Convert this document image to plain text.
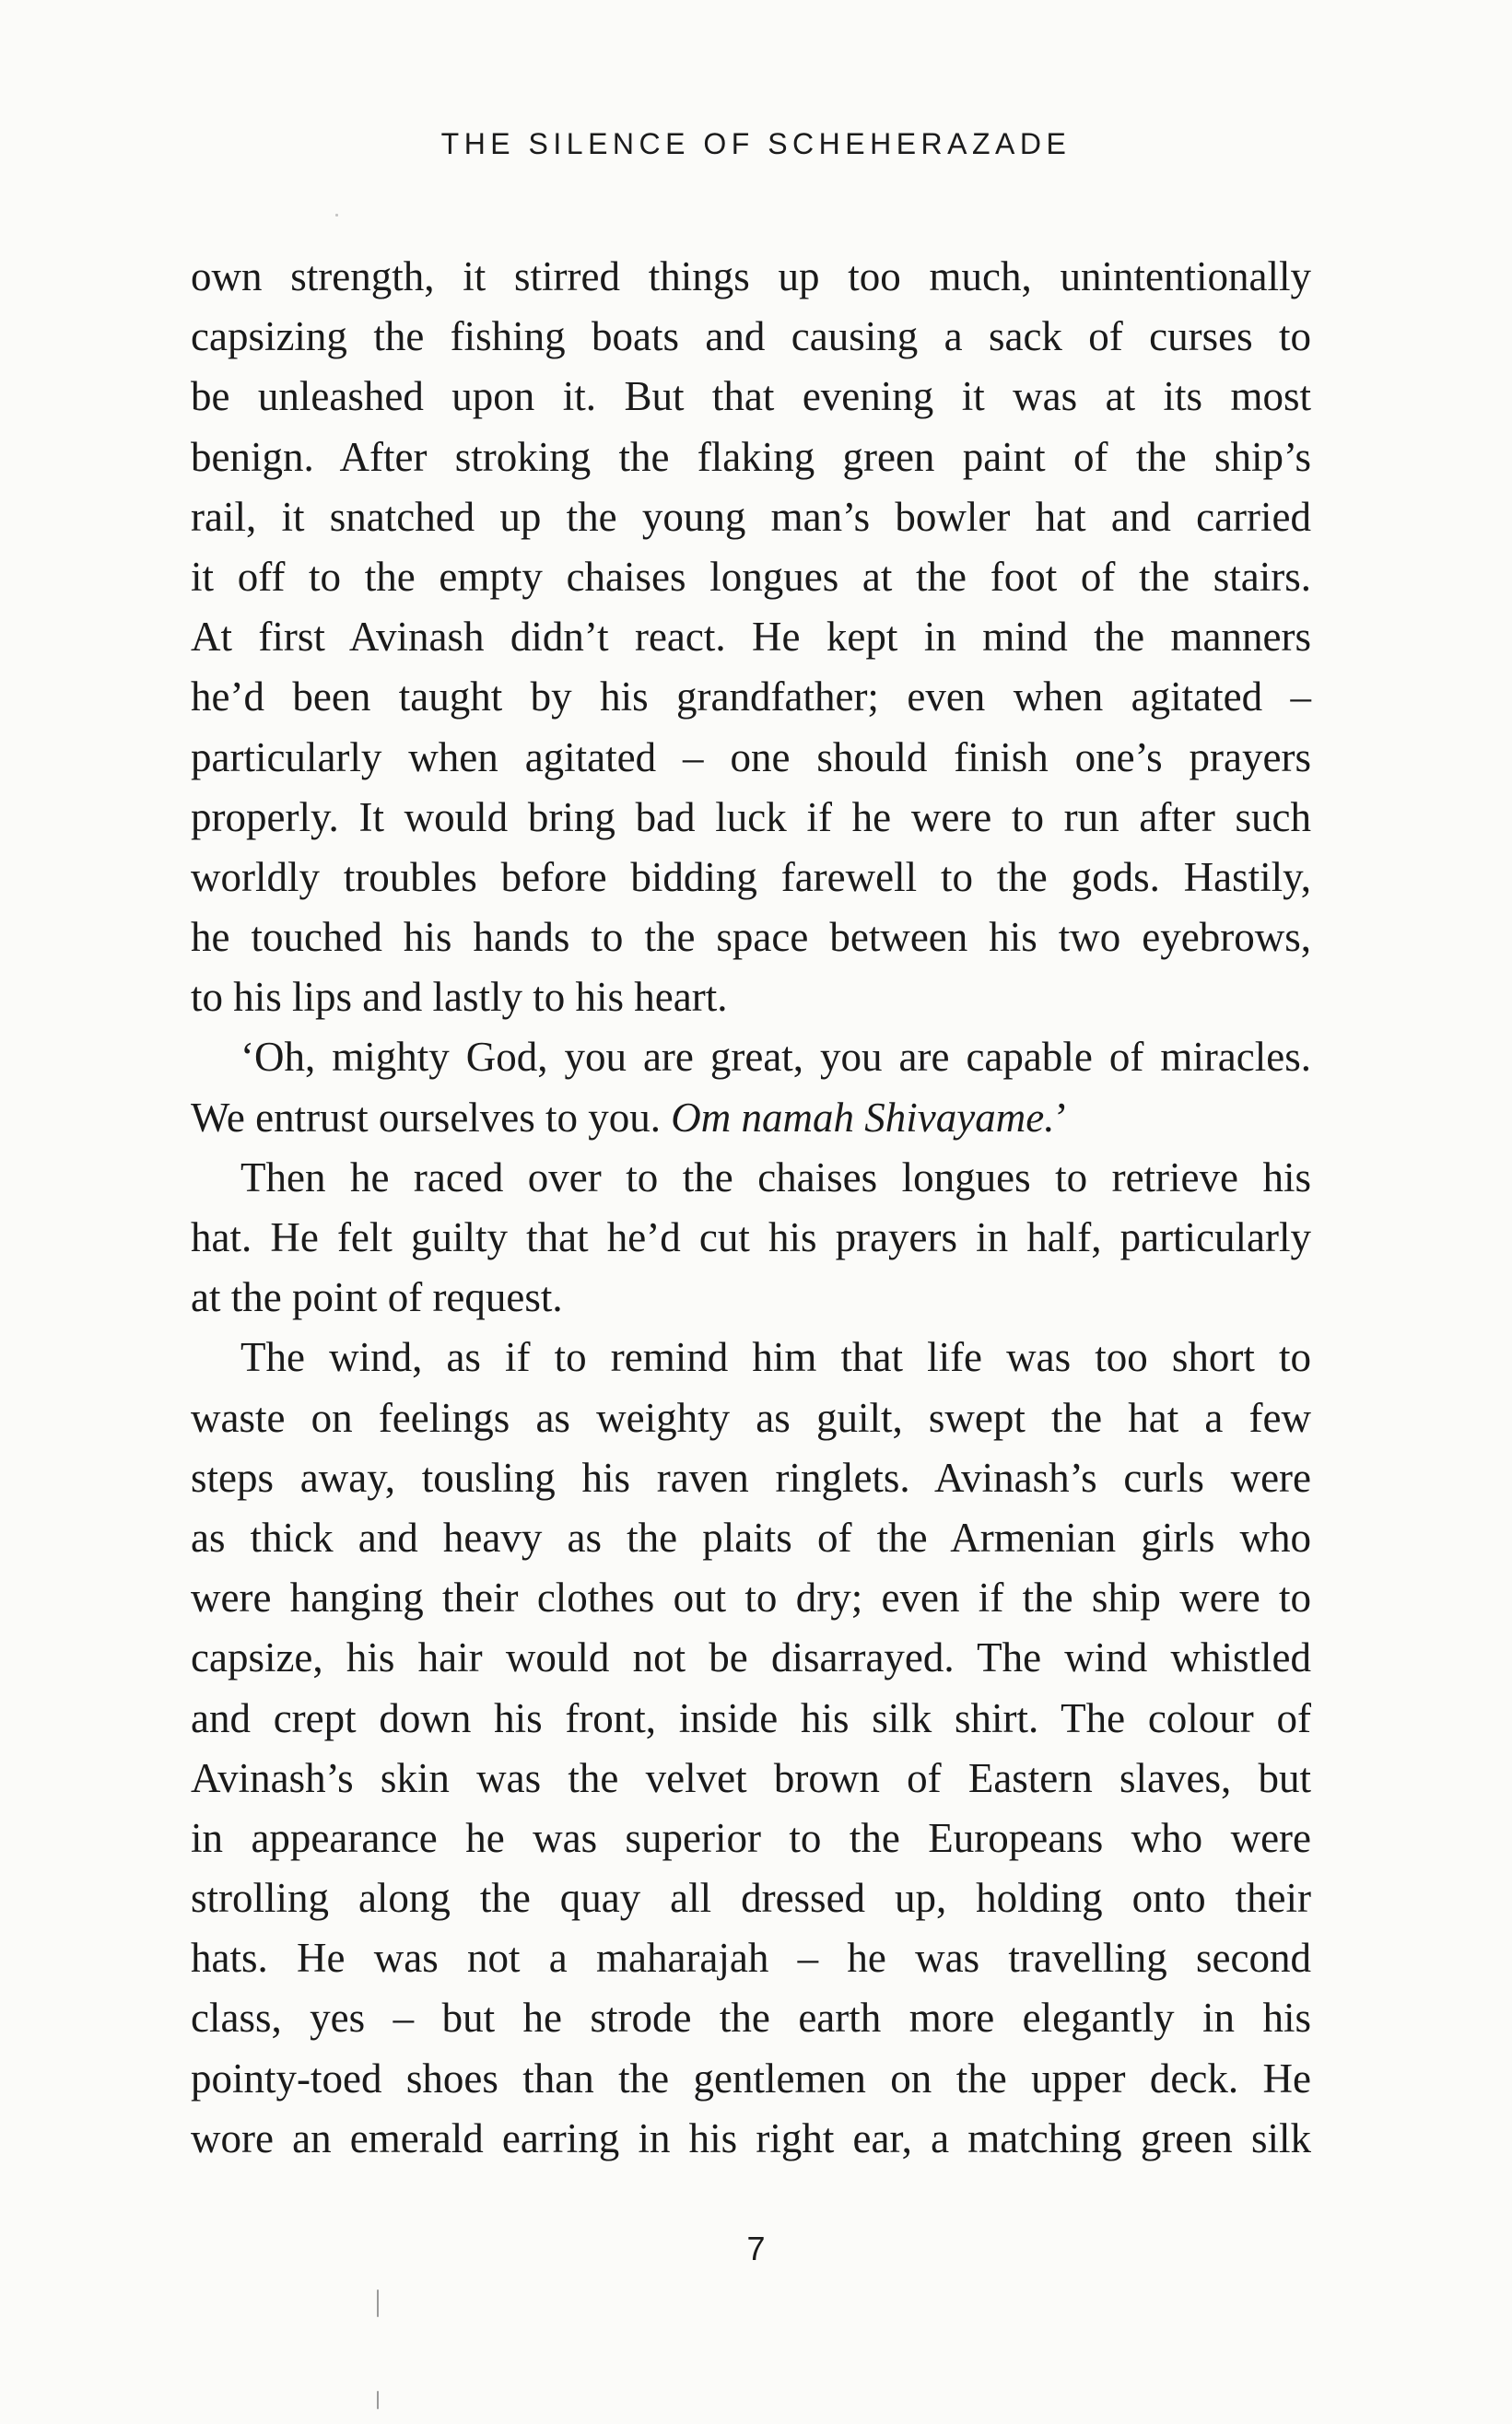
THE SILENCE OF SCHEHERAZADE
own strength, it stirred things up too much, unintentionally
capsizing the fishing boats and causing a sack of curses to
be unleashed upon it. But that evening it was at its most
benign. After stroking the flaking green paint of the ship’s
rail, it snatched up the young man’s bowler hat and carried
it off to the empty chaises longues at the foot of the stairs.
At first Avinash didn’t react. He kept in mind the manners
he’d been taught by his grandfather; even when agitated –
particularly when agitated – one should finish one’s prayers
properly. It would bring bad luck if he were to run after such
worldly troubles before bidding farewell to the gods. Hastily,
he touched his hands to the space between his two eyebrows,
to his lips and lastly to his heart.
‘Oh, mighty God, you are great, you are capable of miracles.
We entrust ourselves to you. Om namah Shivayame.’
Then he raced over to the chaises longues to retrieve his
hat. He felt guilty that he’d cut his prayers in half, particularly
at the point of request.
The wind, as if to remind him that life was too short to
waste on feelings as weighty as guilt, swept the hat a few
steps away, tousling his raven ringlets. Avinash’s curls were
as thick and heavy as the plaits of the Armenian girls who
were hanging their clothes out to dry; even if the ship were to
capsize, his hair would not be disarrayed. The wind whistled
and crept down his front, inside his silk shirt. The colour of
Avinash’s skin was the velvet brown of Eastern slaves, but
in appearance he was superior to the Europeans who were
strolling along the quay all dressed up, holding onto their
hats. He was not a maharajah – he was travelling second
class, yes – but he strode the earth more elegantly in his
pointy-toed shoes than the gentlemen on the upper deck. He
wore an emerald earring in his right ear, a matching green silk
7
